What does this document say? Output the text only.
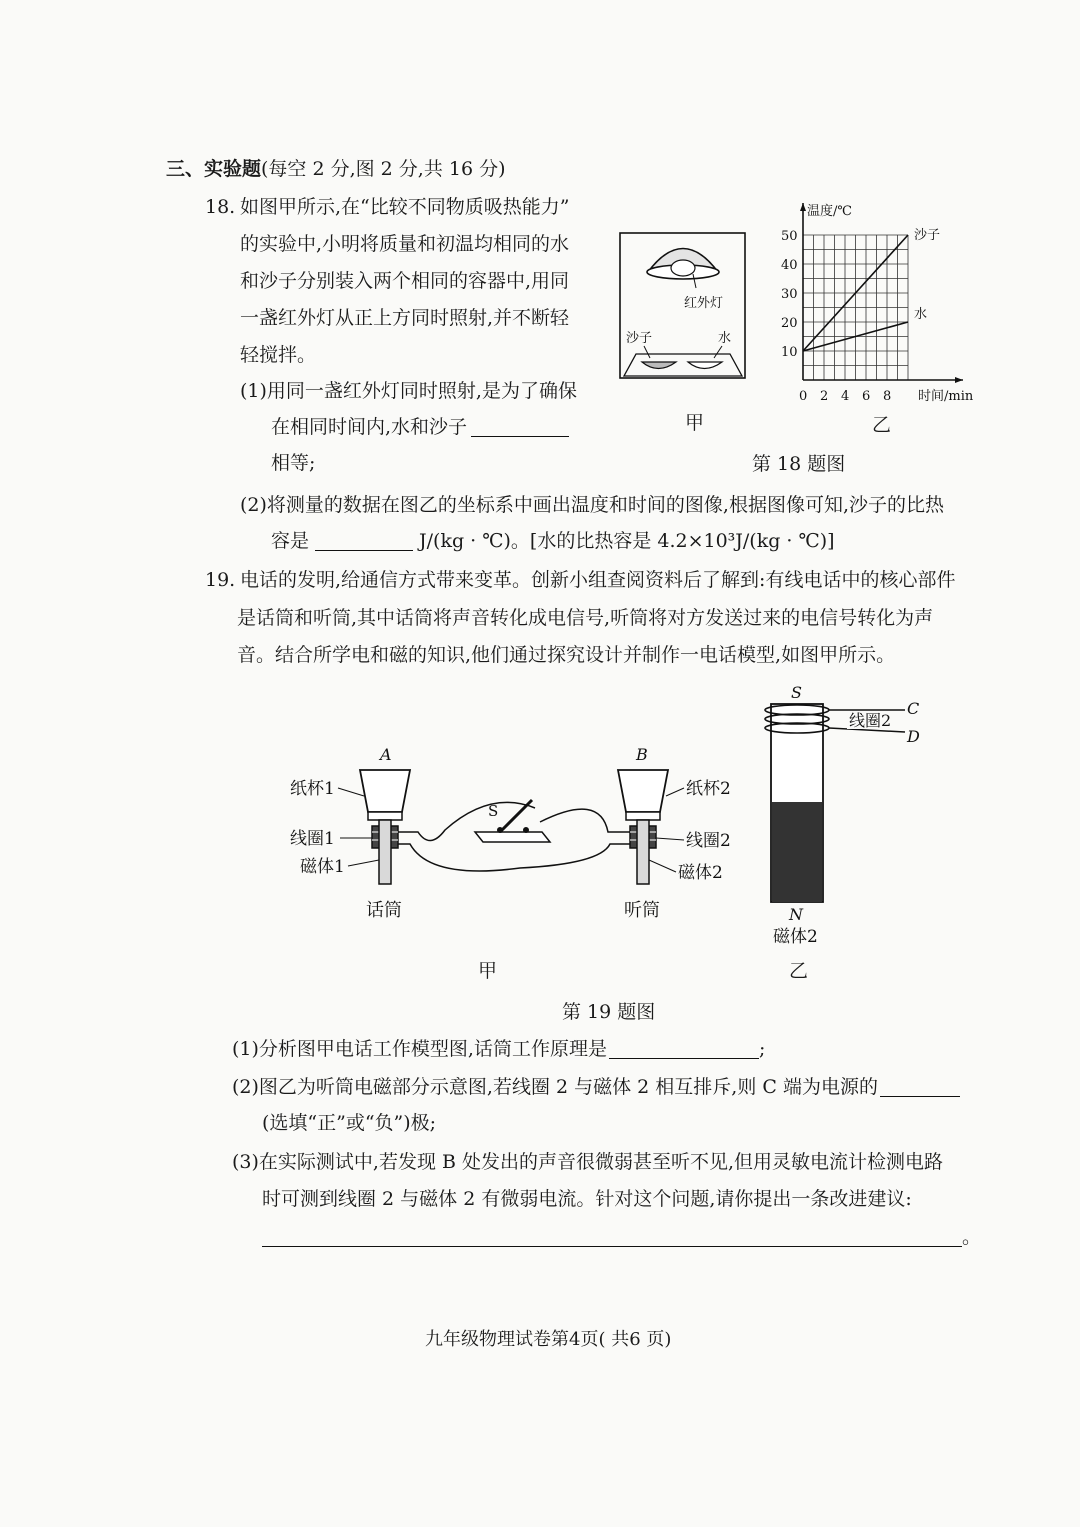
三、实验题(每空 2 分,图 2 分,共 16 分)
18. 如图甲所示,在“比较不同物质吸热能力”
的实验中,小明将质量和初温均相同的水
和沙子分别装入两个相同的容器中,用同
一盏红外灯从正上方同时照射,并不断轻
轻搅拌。
(1)用同一盏红外灯同时照射,是为了确保
在相同时间内,水和沙子
相等;
红外灯
沙子	水
甲
0 2 4 6 8
10
20
30
40
50
温度/℃
时间/min
沙子
水
乙
第 18 题图
(2)将测量的数据在图乙的坐标系中画出温度和时间的图像,根据图像可知,沙子的比热
容是	J/(kg · ℃)。[水的比热容是 4.2×10³J/(kg · ℃)]
19. 电话的发明,给通信方式带来变革。创新小组查阅资料后了解到:有线电话中的核心部件
是话筒和听筒,其中话筒将声音转化成电信号,听筒将对方发送过来的电信号转化为声
音。结合所学电和磁的知识,他们通过探究设计并制作一电话模型,如图甲所示。
A	B
S
纸杯1
线圈1
磁体1
话筒
纸杯2
线圈2
磁体2
听筒
甲
S
C
D
线圈2
N
磁体2
乙
第 19 题图
(1)分析图甲电话工作模型图,话筒工作原理是	;
(2)图乙为听筒电磁部分示意图,若线圈 2 与磁体 2 相互排斥,则 C 端为电源的
(选填“正”或“负”)极;
(3)在实际测试中,若发现 B 处发出的声音很微弱甚至听不见,但用灵敏电流计检测电路
时可测到线圈 2 与磁体 2 有微弱电流。针对这个问题,请你提出一条改进建议:
。
九年级物理试卷第4页( 共6 页)
